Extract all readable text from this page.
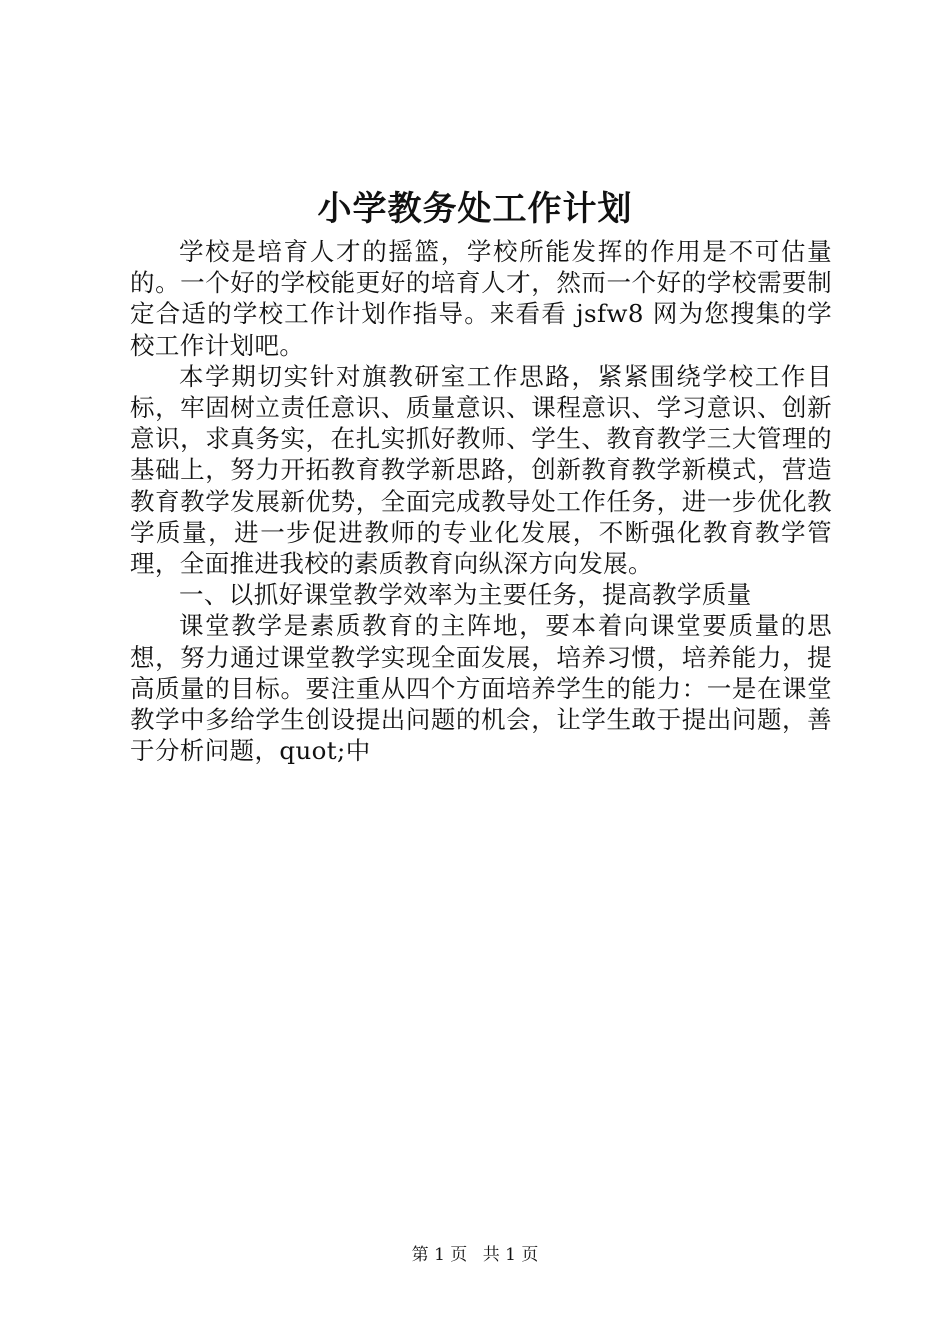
小学教务处工作计划

学校是培育人才的摇篮，学校所能发挥的作用是不可估量的。一个好的学校能更好的培育人才，然而一个好的学校需要制定合适的学校工作计划作指导。来看看 jsfw8 网为您搜集的学校工作计划吧。

本学期切实针对旗教研室工作思路，紧紧围绕学校工作目标，牢固树立责任意识、质量意识、课程意识、学习意识、创新意识，求真务实，在扎实抓好教师、学生、教育教学三大管理的基础上，努力开拓教育教学新思路，创新教育教学新模式，营造教育教学发展新优势，全面完成教导处工作任务，进一步优化教学质量，进一步促进教师的专业化发展，不断强化教育教学管理，全面推进我校的素质教育向纵深方向发展。

一、以抓好课堂教学效率为主要任务，提高教学质量

课堂教学是素质教育的主阵地，要本着向课堂要质量的思想，努力通过课堂教学实现全面发展，培养习惯，培养能力，提高质量的目标。要注重从四个方面培养学生的能力：一是在课堂教学中多给学生创设提出问题的机会，让学生敢于提出问题，善于分析问题，quot;中

第 1 页 共 1 页
